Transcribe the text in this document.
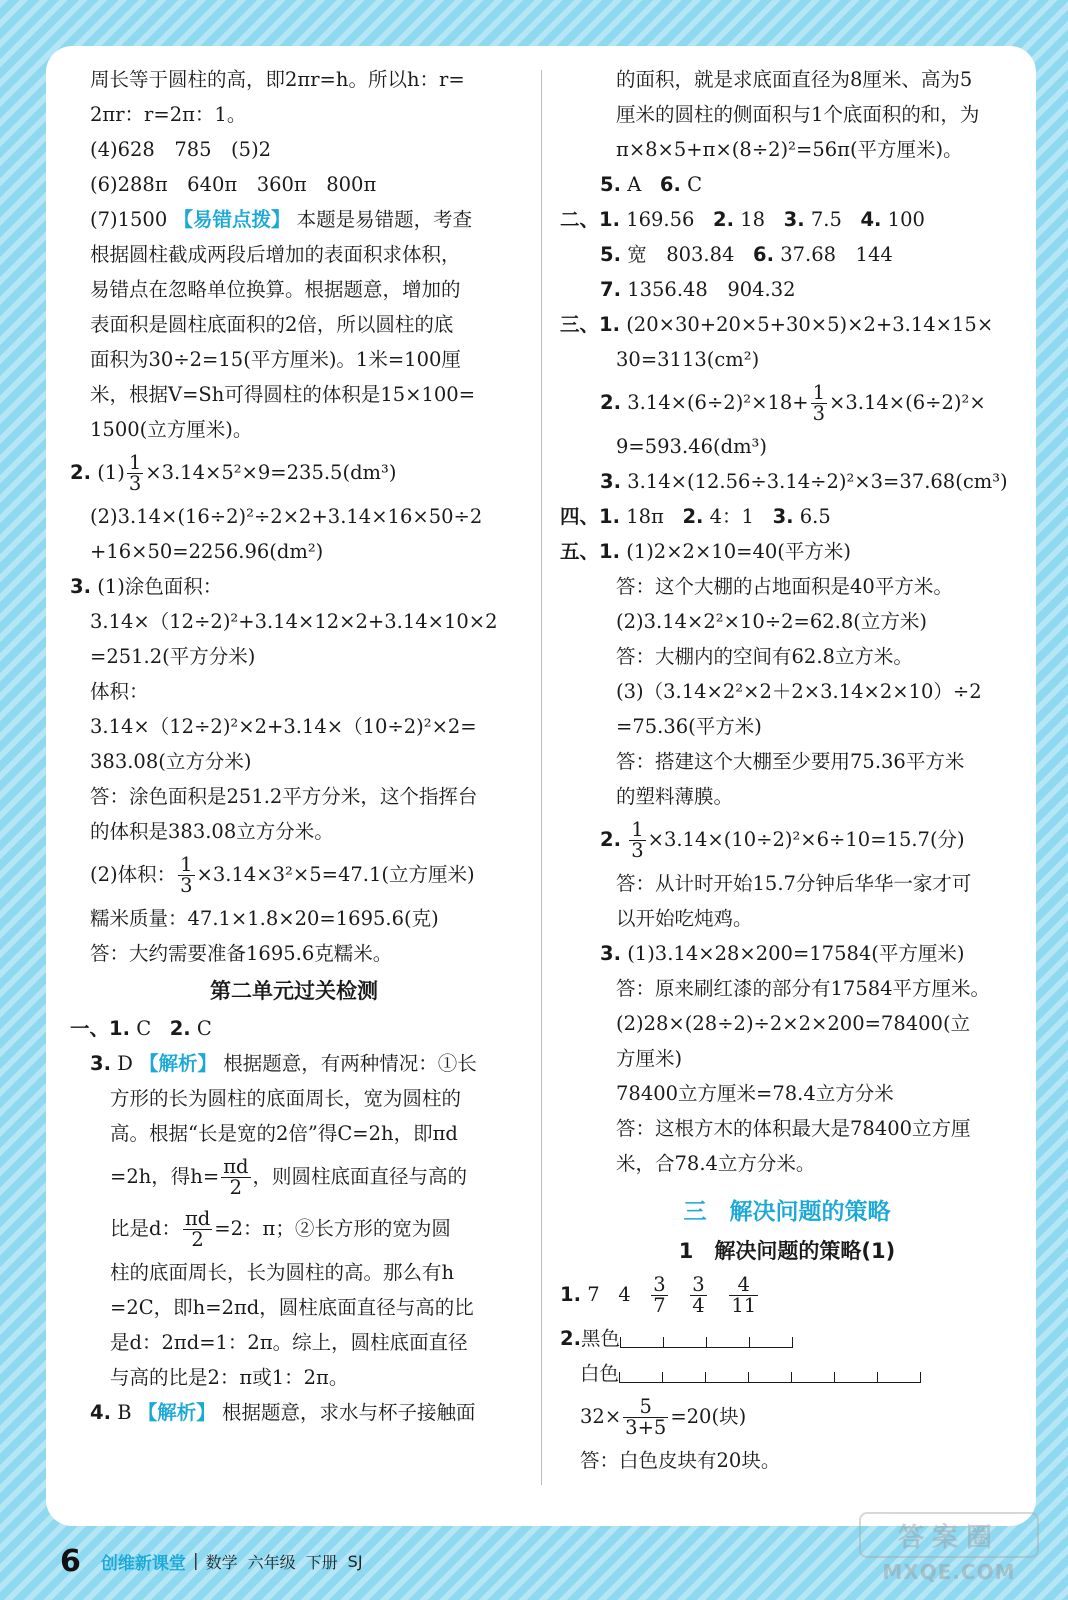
周长等于圆柱的高，即2πr=h。所以h：r=
2πr：r=2π：1。
(4)628　785　(5)2
(6)288π　640π　360π　800π
(7)1500 【易错点拨】 本题是易错题，考查
根据圆柱截成两段后增加的表面积求体积，
易错点在忽略单位换算。根据题意，增加的
表面积是圆柱底面积的2倍，所以圆柱的底
面积为30÷2=15(平方厘米)。1米=100厘
米，根据V=Sh可得圆柱的体积是15×100=
1500(立方厘米)。
2. $(1) \frac{1}{3} \times 3.14\times 5^2\times 9=235.5(dm^3)$
(2)3.14×(16÷2)²÷2×2+3.14×16×50÷2
+16×50=2256.96(dm²)
3. (1)涂色面积：
3.14×（12÷2)²+3.14×12×2+3.14×10×2
=251.2(平方分米)
体积：
3.14×（12÷2)²×2+3.14×（10÷2)²×2=
383.08(立方分米)
答：涂色面积是251.2平方分米，这个指挥台
的体积是383.08立方分米。
(2)体积： $\frac{1}{3} \times 3.14\times 3^2\times 5=47.1$(立方厘米)
糯米质量：47.1×1.8×20=1695.6(克)
答：大约需要准备1695.6克糯米。
第二单元过关检测
一、1. C 2. C
3. D 【解析】 根据题意，有两种情况：①长
方形的长为圆柱的底面周长，宽为圆柱的
高。根据“长是宽的2倍”得C=2h，即πd
=2h，得$h= \frac{\pi d}{2}$ ，则圆柱底面直径与高的
比是d： $\frac{\pi d}{2} =2$：π；②长方形的宽为圆
柱的底面周长，长为圆柱的高。那么有h
=2C，即h=2πd，圆柱底面直径与高的比
是d：2πd=1：2π。综上，圆柱底面直径
与高的比是2：π或1：2π。
4. B 【解析】 根据题意，求水与杯子接触面
的面积，就是求底面直径为8厘米、高为5
厘米的圆柱的侧面积与1个底面积的和，为
π×8×5+π×(8÷2)²=56π(平方厘米)。
5. A 6. C
二、1. 169.56 2. 18 3. 7.5 4. 100
5. 宽　803.84 6. 37.68　144
7. 1356.48　904.32
三、1. (20×30+20×5+30×5)×2+3.14×15×
30=3113(cm²)
2. $3.14\times(6\div 2)^2\times 18+ \frac{1}{3} \times 3.14\times(6\div 2)^2\times$
9=593.46(dm³)
3. 3.14×(12.56÷3.14÷2)²×3=37.68(cm³)
四、1. 18π 2. 4：1 3. 6.5
五、1. (1)2×2×10=40(平方米)
答：这个大棚的占地面积是40平方米。
(2)3.14×2²×10÷2=62.8(立方米)
答：大棚内的空间有62.8立方米。
(3)（3.14×2²×2＋2×3.14×2×10）÷2
=75.36(平方米)
答：搭建这个大棚至少要用75.36平方米
的塑料薄膜。
2. $\frac{1}{3} \times 3.14\times(10\div 2)^2\times 6\div 10=15.7$(分)
答：从计时开始15.7分钟后华华一家才可
以开始吃炖鸡。
3. (1)3.14×28×200=17584(平方厘米)
答：原来刷红漆的部分有17584平方厘米。
(2)28×(28÷2)÷2×2×200=78400(立
方厘米)
78400立方厘米=78.4立方分米
答：这根方木的体积最大是78400立方厘
米，合78.4立方分米。
三　解决问题的策略
1　解决问题的策略(1)
1. 7 $4 \frac{3}{7}$
$\frac{3}{4}$
$\frac{4}{11}$
2. 黑色
白色
$32\times \frac{5}{3+5} =20$(块)
答：白色皮块有20块。
6 创维新课堂 | 数学 六年级 下册 SJ
答案圈
MXQE.COM
